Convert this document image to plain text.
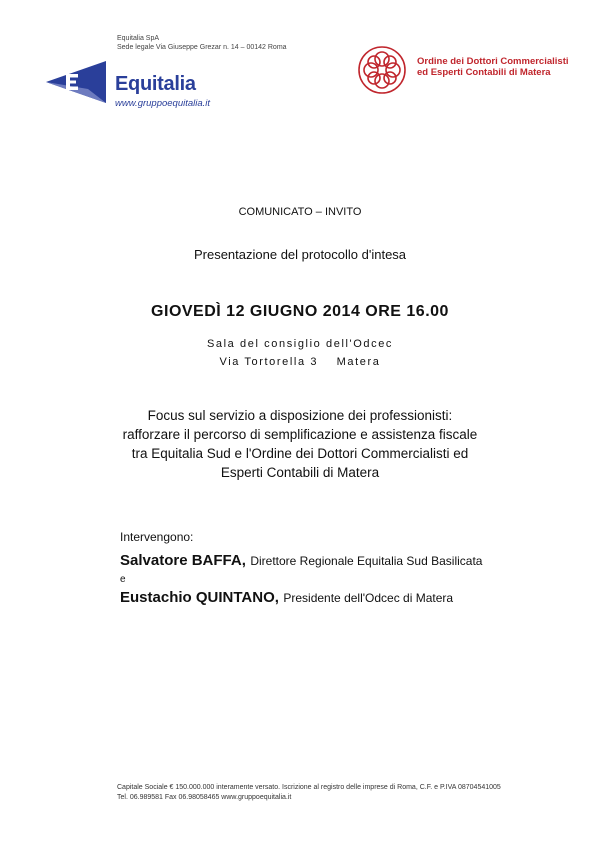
Equitalia SpA
Sede legale Via Giuseppe Grezar n. 14 – 00142 Roma
Equitalia
www.gruppoequitalia.it
Ordine dei Dottori Commercialisti
ed Esperti Contabili di Matera
COMUNICATO – INVITO
Presentazione del protocollo d'intesa
GIOVEDÌ 12 GIUGNO 2014 ORE 16.00
Sala del consiglio dell'Odcec
Via Tortorella 3    Matera
Focus sul servizio a disposizione dei professionisti:
rafforzare il percorso di semplificazione e assistenza fiscale
tra Equitalia Sud e l'Ordine dei Dottori Commercialisti ed
Esperti Contabili di Matera
Intervengono:
Salvatore BAFFA, Direttore Regionale Equitalia Sud Basilicata
e
Eustachio QUINTANO, Presidente dell'Odcec di Matera
Capitale Sociale € 150.000.000 interamente versato. Iscrizione al registro delle imprese di Roma, C.F. e P.IVA 08704541005
Tel. 06.989581 Fax 06.98058465 www.gruppoequitalia.it
